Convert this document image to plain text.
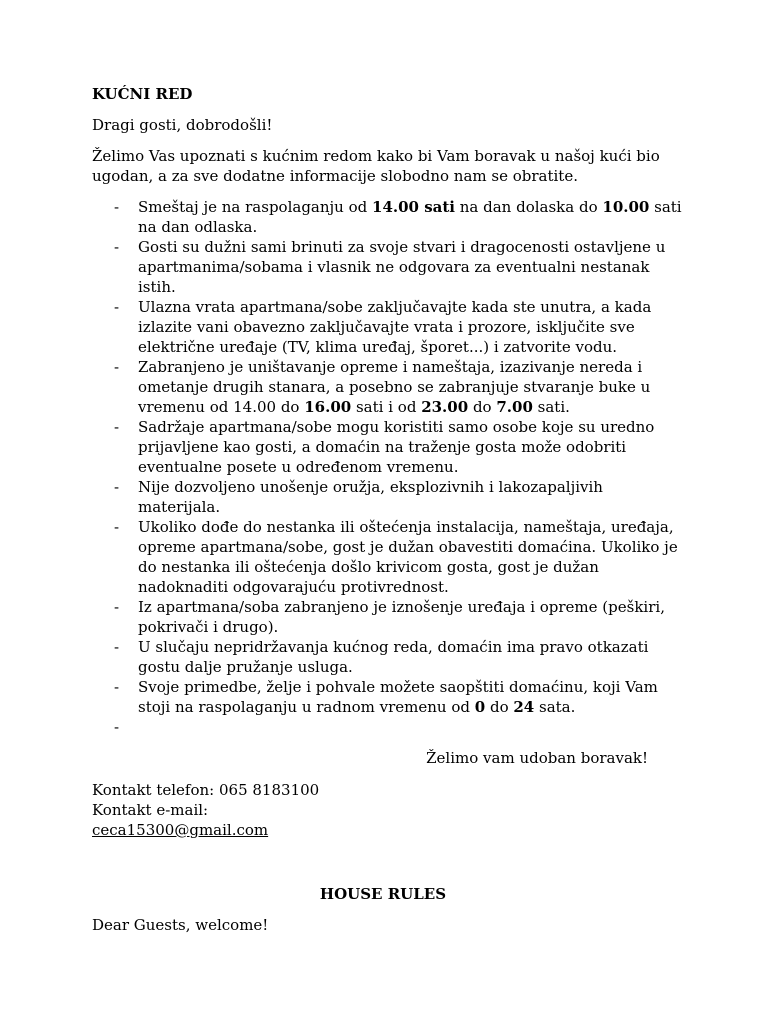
KUĆNI RED

Dragi gosti, dobrodošli!

Želimo Vas upoznati s kućnim redom kako bi Vam boravak u našoj kući bio ugodan, a za sve dodatne informacije slobodno nam se obratite.

- Smeštaj je na raspolaganju od 14.00 sati na dan dolaska do 10.00 sati na dan odlaska.
- Gosti su dužni sami brinuti za svoje stvari i dragocenosti ostavljene u apartmanima/sobama i vlasnik ne odgovara za eventualni nestanak istih.
- Ulazna vrata apartmana/sobe zaključavajte kada ste unutra, a kada izlazite vani obavezno zaključavajte vrata i prozore, isključite sve električne uređaje (TV, klima uređaj, šporet...) i zatvorite vodu.
- Zabranjeno je uništavanje opreme i nameštaja, izazivanje nereda i ometanje drugih stanara, a posebno se zabranjuje stvaranje buke u vremenu od 14.00 do 16.00 sati i od 23.00 do 7.00 sati.
- Sadržaje apartmana/sobe mogu koristiti samo osobe koje su uredno prijavljene kao gosti, a domaćin na traženje gosta može odobriti eventualne posete u određenom vremenu.
- Nije dozvoljeno unošenje oružja, eksplozivnih i lakozapaljivih materijala.
- Ukoliko dođe do nestanka ili oštećenja instalacija, nameštaja, uređaja, opreme apartmana/sobe, gost je dužan obavestiti domaćina. Ukoliko je do nestanka ili oštećenja došlo krivicom gosta, gost je dužan nadoknaditi odgovarajuću protivrednost.
- Iz apartmana/soba zabranjeno je iznošenje uređaja i opreme (peškiri, pokrivači i drugo).
- U slučaju nepridržavanja kućnog reda, domaćin ima pravo otkazati gostu dalje pružanje usluga.
- Svoje primedbe, želje i pohvale možete saopštiti domaćinu, koji Vam stoji na raspolaganju u radnom vremenu od 0 do 24 sata.
-

Želimo vam udoban boravak!

Kontakt telefon: 065 8183100

Kontakt e-mail:

ceca15300@gmail.com

HOUSE RULES

Dear Guests, welcome!
